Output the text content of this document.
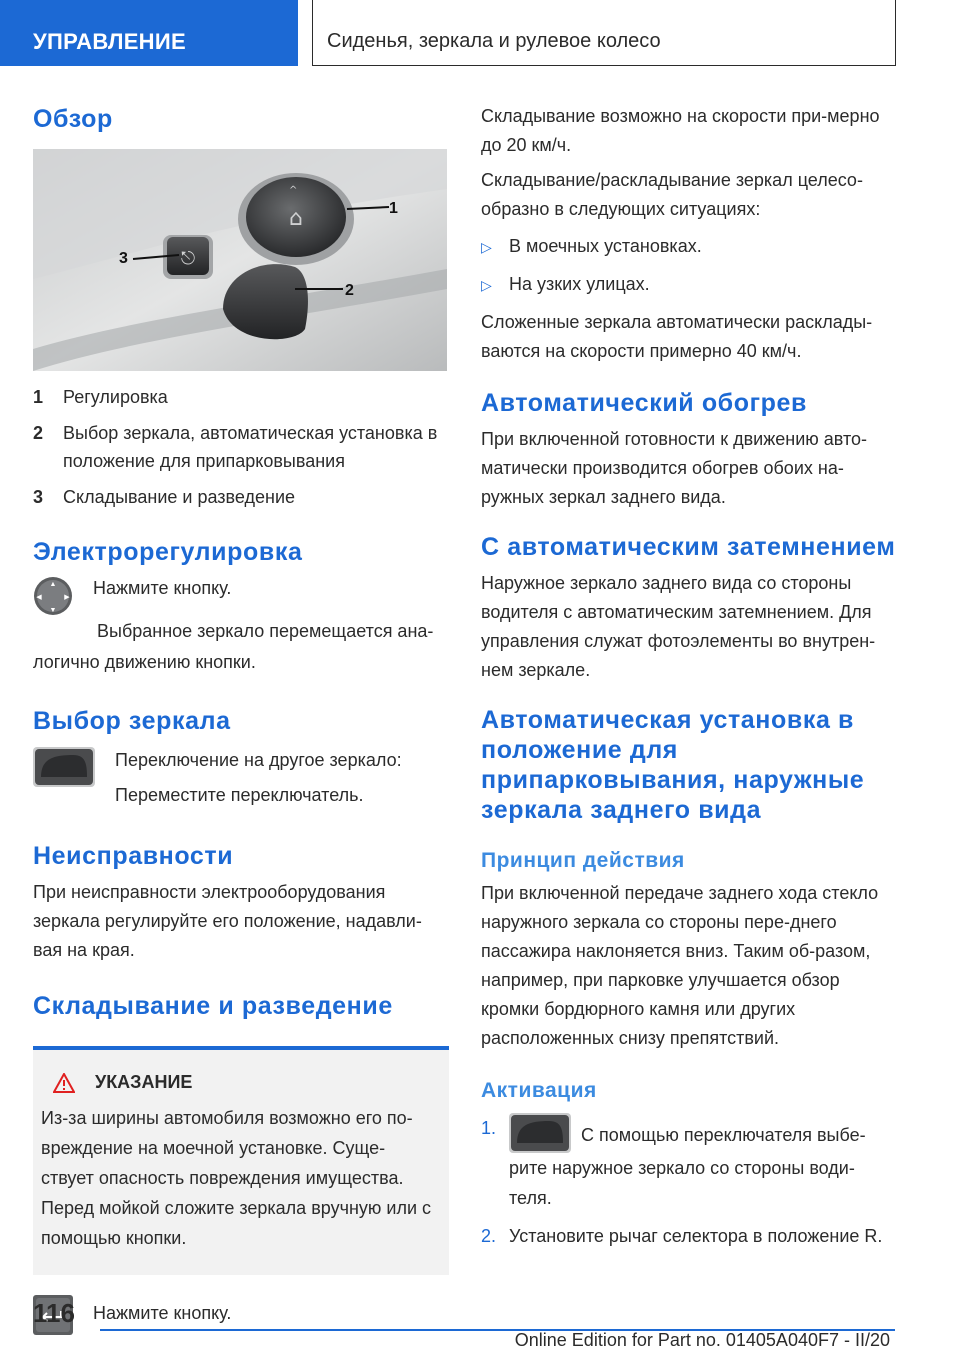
УПРАВЛЕНИЕ	Сиденья, зеркала и рулевое колесо
Обзор
⌂
^
⎋
1
2
3
1	Регулировка
2	Выбор зеркала, автоматическая установка в положение для припарковывания
3	Складывание и разведение
Электрорегулировка
▲
▼
◀	▶ Нажмите кнопку.

Выбранное зеркало перемещается ана-логично движению кнопки.

Выбор зеркала

Переключение на другое зеркало:

Переместите переключатель.

Неисправности

При неисправности электрооборудования зеркала регулируйте его положение, надавли-вая на края.

Складывание и разведение
УКАЗАНИЕ

Из-за ширины автомобиля возможно его по-вреждение на моечной установке. Суще-ствует опасность повреждения имущества. Перед мойкой сложите зеркала вручную или с помощью кнопки.

Нажмите кнопку.

Складывание возможно на скорости при-мерно до 20 км/ч.

Складывание/раскладывание зеркал целесо-образно в следующих ситуациях:

▷ В моечных установках.
▷ На узких улицах.

Сложенные зеркала автоматически расклады-ваются на скорости примерно 40 км/ч.

Автоматический обогрев

При включенной готовности к движению авто-матически производится обогрев обоих на-ружных зеркал заднего вида.

С автоматическим затемнением

Наружное зеркало заднего вида со стороны водителя с автоматическим затемнением. Для управления служат фотоэлементы во внутрен-нем зеркале.

Автоматическая установка в положение для припарковывания, наружные зеркала заднего вида
Принцип действия

При включенной передаче заднего хода стекло наружного зеркала со стороны пере-днего пассажира наклоняется вниз. Таким об-разом, например, при парковке улучшается обзор кромки бордюрного камня или других расположенных снизу препятствий.

Активация
1.	С помощью переключателя выбе-рите наружное зеркало со стороны води-теля.
2. Установите рычаг селектора в положение R.
116
Online Edition for Part no. 01405A040F7 - II/20
